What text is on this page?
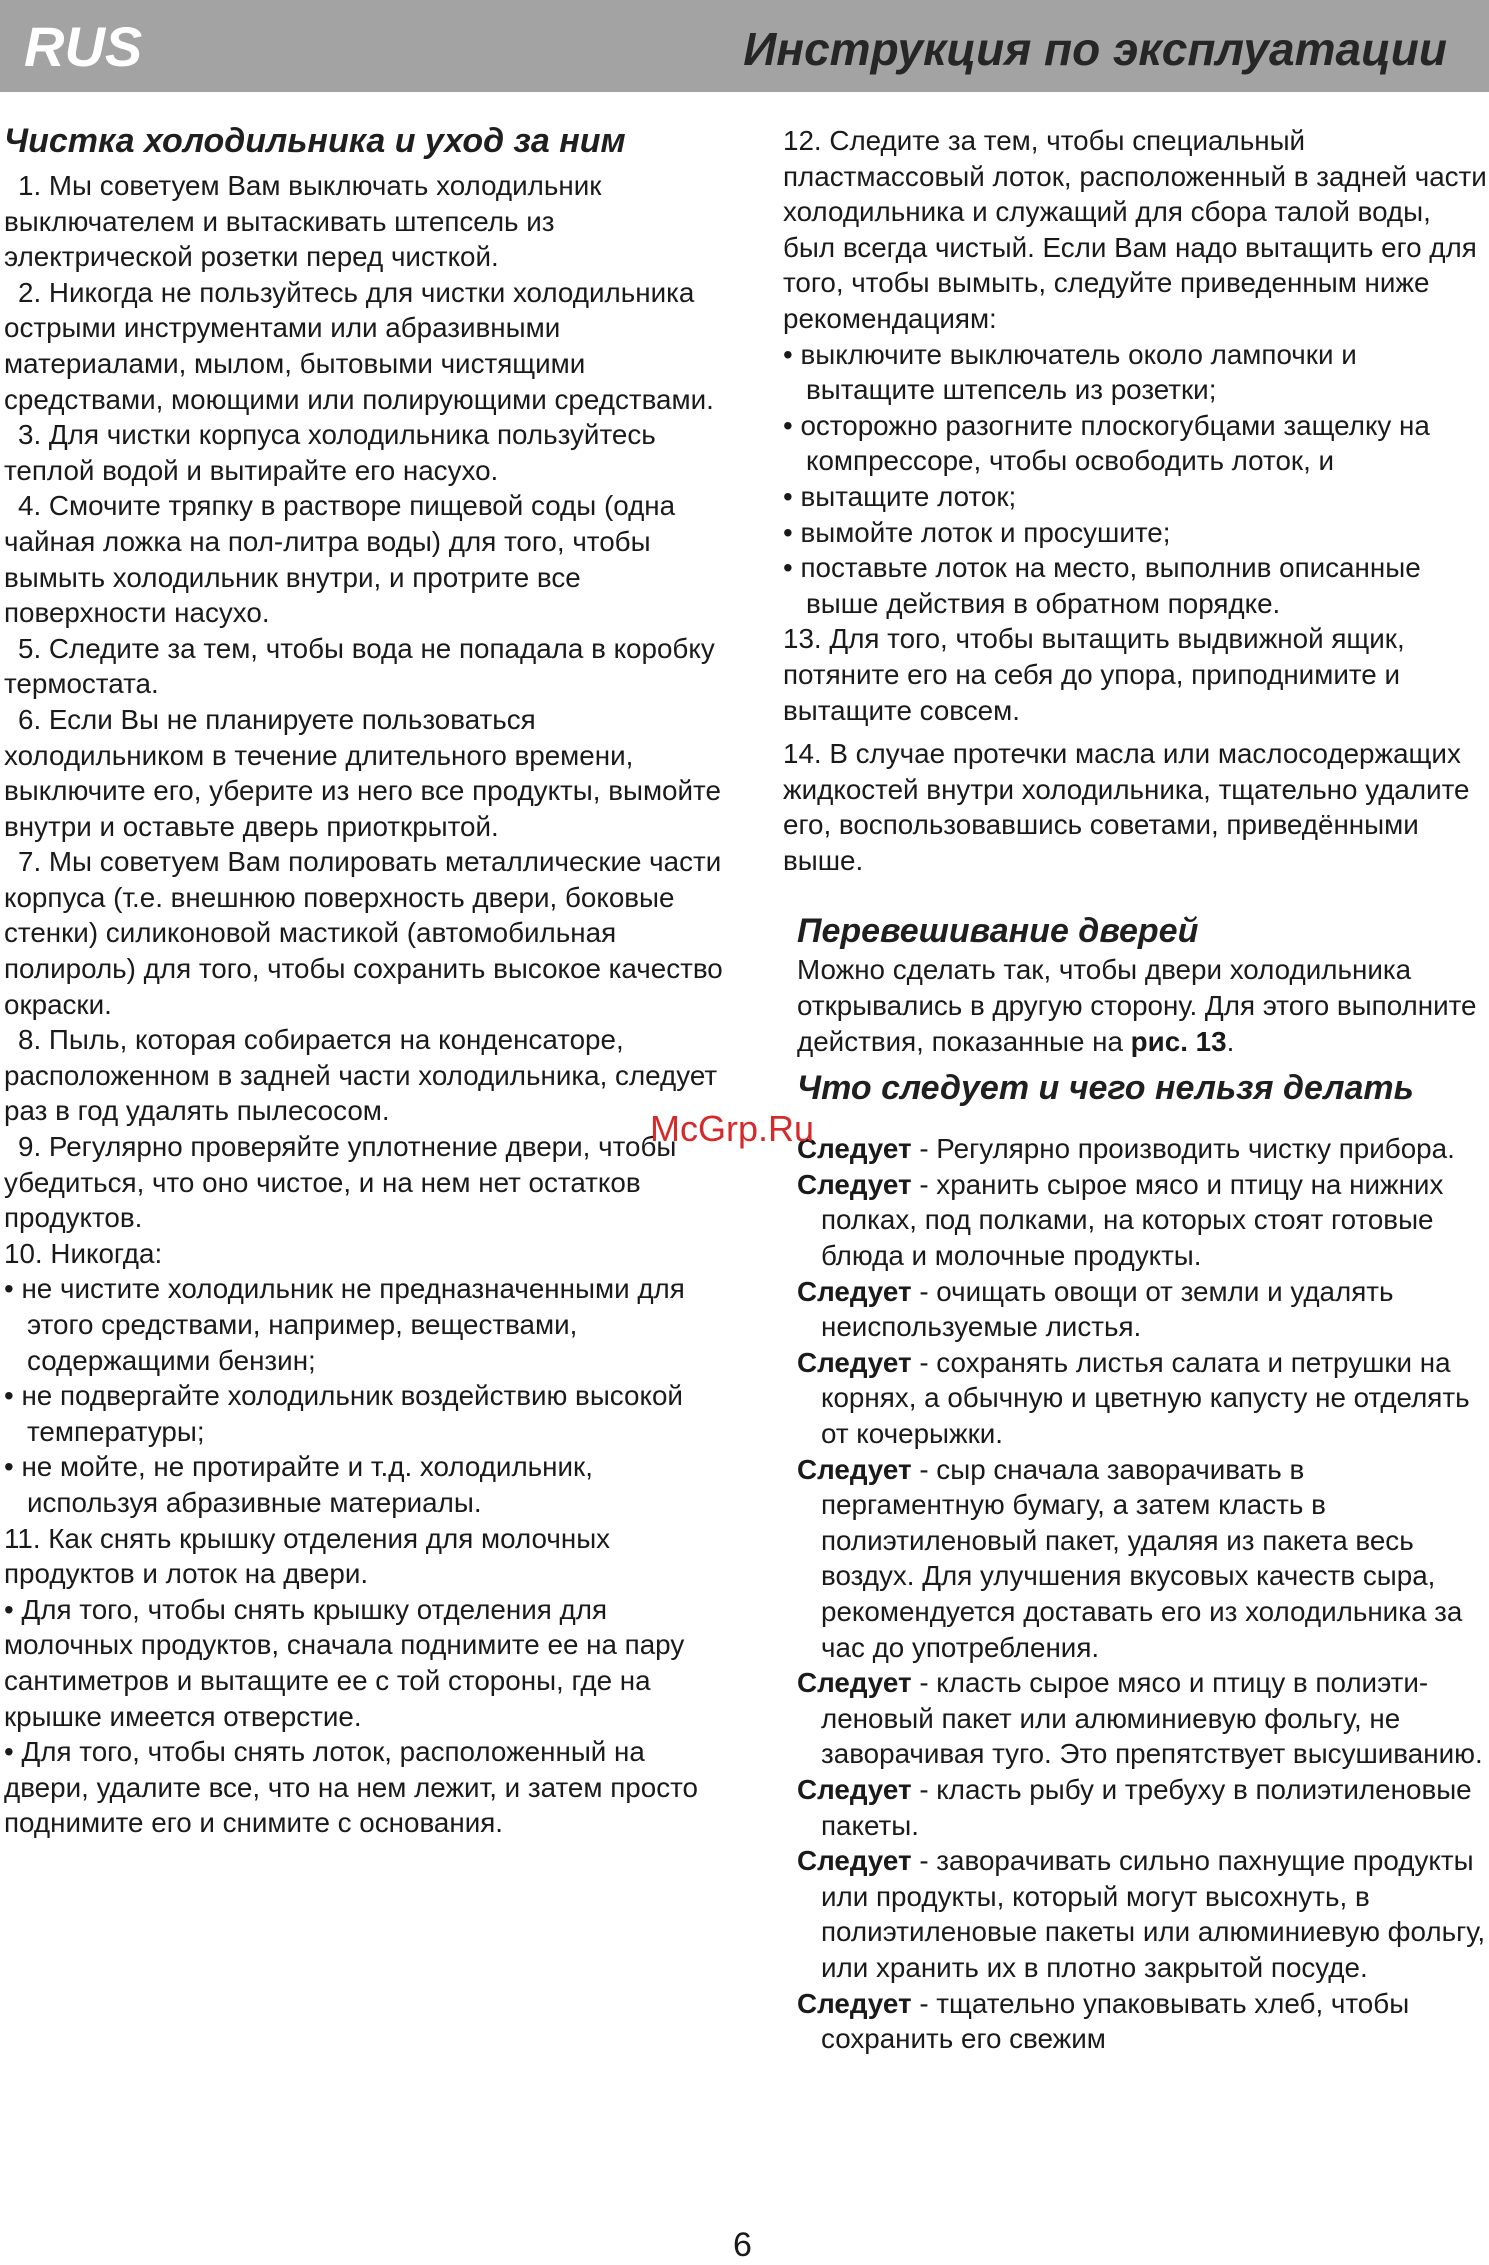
RUS	Инструкция по эксплуатации
Чистка холодильника и уход за ним

1. Мы советуем Вам выключать холодильник выключателем и вытаскивать штепсель из электрической розетки перед чисткой.

2. Никогда не пользуйтесь для чистки холодильника острыми инструментами или абразивными материалами, мылом, бытовыми чистящими средствами, моющими или полирующими средствами.

3. Для чистки корпуса холодильника пользуйтесь теплой водой и вытирайте его насухо.

4. Смочите тряпку в растворе пищевой соды (одна чайная ложка на пол-литра воды) для того, чтобы вымыть холодильник внутри, и протрите все поверхности насухо.

5. Следите за тем, чтобы вода не попадала в коробку термостата.

6. Если Вы не планируете пользоваться холодильником в течение длительного времени, выключите его, уберите из него все продукты, вымойте внутри и оставьте дверь приоткрытой.

7. Мы советуем Вам полировать металлические части корпуса (т.е. внешнюю поверхность двери, боковые стенки) силиконовой мастикой (автомобильная полироль) для того, чтобы сохранить высокое качество окраски.

8. Пыль, которая собирается на конденсаторе, расположенном в задней части холодильника, следует раз в год удалять пылесосом.

9. Регулярно проверяйте уплотнение двери, чтобы убедиться, что оно чистое, и на нем нет остатков продуктов.

10. Никогда:

• не чистите холодильник не предназначенными для этого средствами, например, веществами, содержащими бензин;

• не подвергайте холодильник воздействию высокой температуры;

• не мойте, не протирайте и т.д. холодильник, используя абразивные материалы.

11. Как снять крышку отделения для молочных продуктов и лоток на двери.

• Для того, чтобы снять крышку отделения для молочных продуктов, сначала поднимите ее на пару сантиметров и вытащите ее с той стороны, где на крышке имеется отверстие.

• Для того, чтобы снять лоток, расположенный на двери, удалите все, что на нем лежит, и затем просто поднимите его и снимите с основания.

12. Следите за тем, чтобы специальный пластмассовый лоток, расположенный в задней части холодильника и служащий для сбора талой воды, был всегда чистый. Если Вам надо вытащить его для того, чтобы вымыть, следуйте приведенным ниже рекомендациям:

• выключите выключатель около лампочки и вытащите штепсель из розетки;

• осторожно разогните плоскогубцами защелку на компрессоре, чтобы освободить лоток, и

• вытащите лоток;

• вымойте лоток и просушите;

• поставьте лоток на место, выполнив описанные выше действия в обратном порядке.

13. Для того, чтобы вытащить выдвижной ящик, потяните его на себя до упора, приподнимите и вытащите совсем.

14. В случае протечки масла или маслосодержащих жидкостей внутри холодильника, тщательно удалите его, воспользовавшись советами, приведёнными выше.

Перевешивание дверей

Можно сделать так, чтобы двери холодильника открывались в другую сторону. Для этого выполните действия, показанные на рис. 13.

Что следует и чего нельзя делать

Следует - Регулярно производить чистку прибора.

Следует - хранить сырое мясо и птицу на нижних полках, под полками, на которых стоят готовые блюда и молочные продукты.

Следует - очищать овощи от земли и удалять неиспользуемые листья.

Следует - сохранять листья салата и петрушки на корнях, а обычную и цветную капусту не отделять от кочерыжки.

Следует - сыр сначала заворачивать в пергаментную бумагу, а затем класть в полиэтиленовый пакет, удаляя из пакета весь воздух. Для улучшения вкусовых качеств сыра, рекомендуется доставать его из холодильника за час до употребления.

Следует - класть сырое мясо и птицу в полиэти-леновый пакет или алюминиевую фольгу, не заворачивая туго. Это препятствует высушиванию.

Следует - класть рыбу и требуху в полиэтиленовые пакеты.

Следует - заворачивать сильно пахнущие продукты или продукты, который могут высохнуть, в полиэтиленовые пакеты или алюминиевую фольгу, или хранить их в плотно закрытой посуде.

Следует - тщательно упаковывать хлеб, чтобы сохранить его свежим

McGrp.Ru
6
